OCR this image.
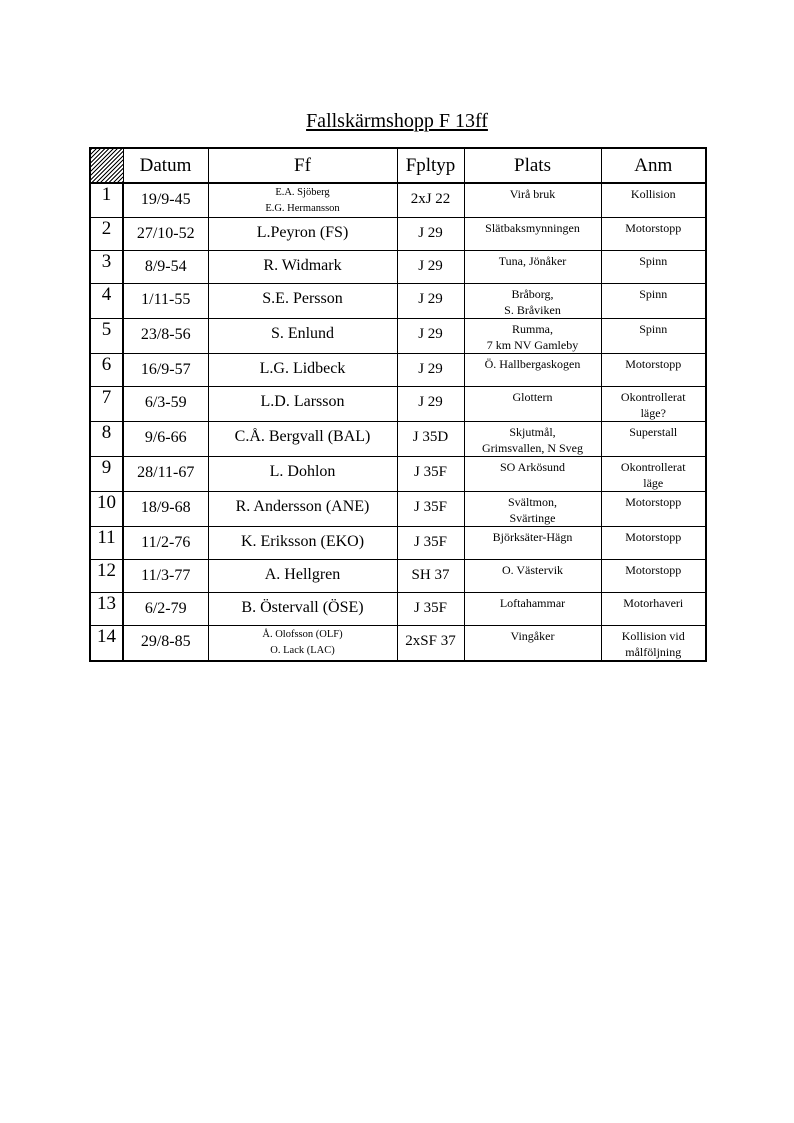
Fallskärmshopp F 13ff
	Datum	Ff	Fpltyp	Plats	Anm
1	19/9-45	E.A. Sjöberg
E.G. Hermansson	2xJ 22	Virå bruk	Kollision

2	27/10-52	L.Peyron (FS)	J 29	Slätbaksmynningen	Motorstopp

3	8/9-54	R. Widmark	J 29	Tuna, Jönåker	Spinn

4	1/11-55	S.E. Persson	J 29	Bråborg,
S. Bråviken	Spinn

5	23/8-56	S. Enlund	J 29	Rumma,
7 km NV Gamleby	Spinn

6	16/9-57	L.G. Lidbeck	J 29	Ö. Hallbergaskogen	Motorstopp

7	6/3-59	L.D. Larsson	J 29	Glottern	Okontrollerat
läge?

8	9/6-66	C.Å. Bergvall (BAL)	J 35D	Skjutmål,
Grimsvallen, N Sveg	Superstall

9	28/11-67	L. Dohlon	J 35F	SO Arkösund	Okontrollerat
läge

10	18/9-68	R. Andersson (ANE)	J 35F	Svältmon,
Svärtinge	Motorstopp

11	11/2-76	K. Eriksson (EKO)	J 35F	Björksäter-Hägn	Motorstopp

12	11/3-77	A. Hellgren	SH 37	O. Västervik	Motorstopp

13	6/2-79	B. Östervall (ÖSE)	J 35F	Loftahammar	Motorhaveri

14	29/8-85	Å. Olofsson (OLF)
O. Lack (LAC)	2xSF 37	Vingåker	Kollision vid
målföljning
